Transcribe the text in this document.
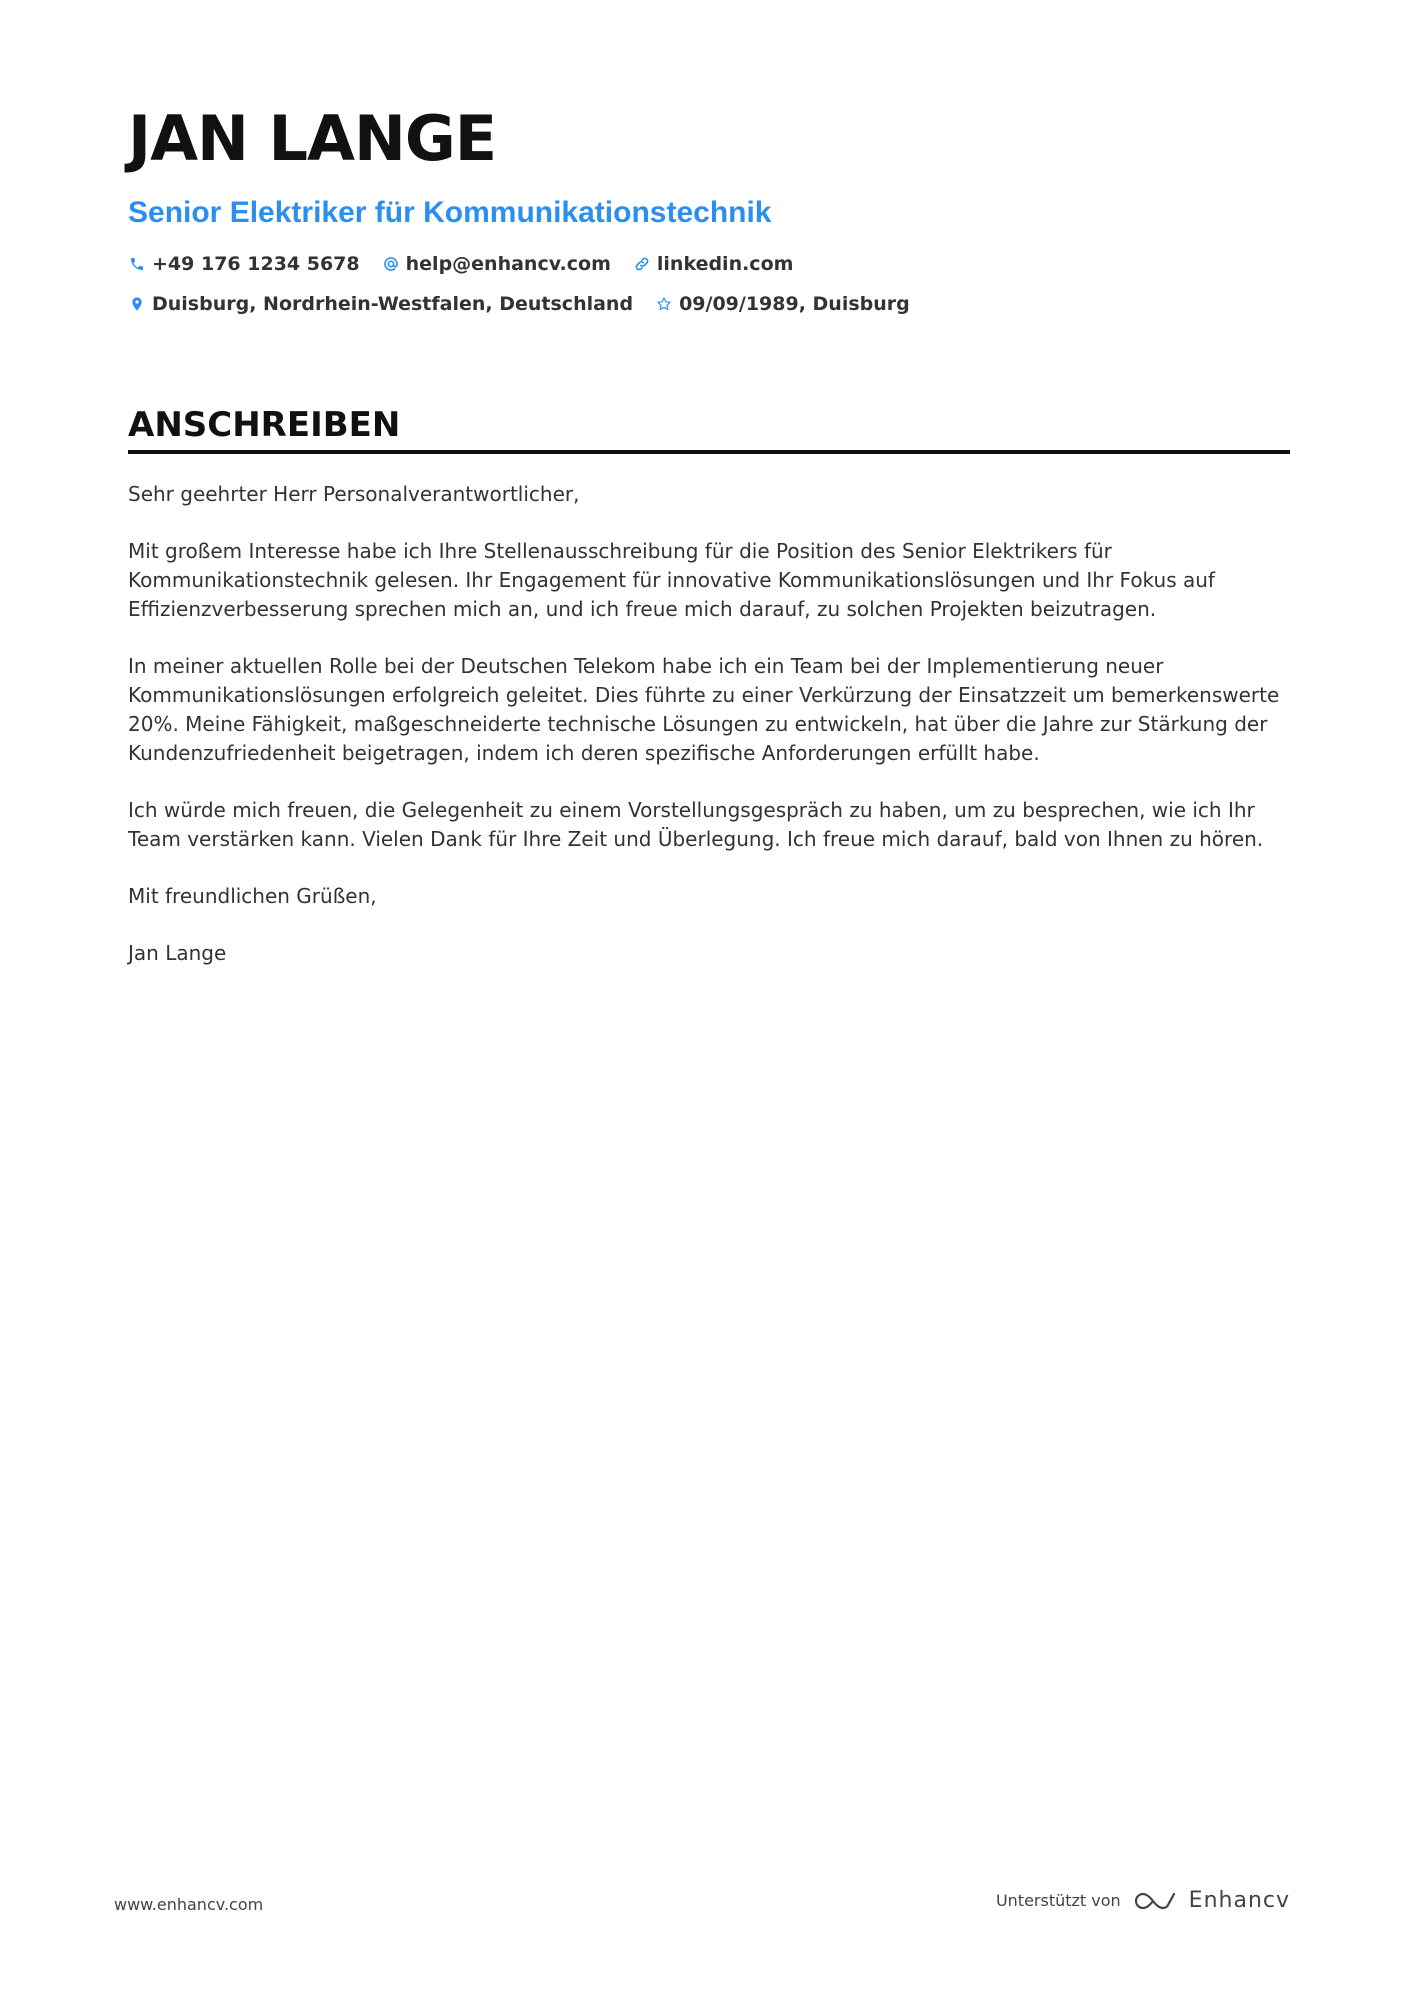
JAN LANGE
Senior Elektriker für Kommunikationstechnik
+49 176 1234 5678 help@enhancv.com linkedin.com
Duisburg, Nordrhein-Westfalen, Deutschland 09/09/1989, Duisburg
ANSCHREIBEN

Sehr geehrter Herr Personalverantwortlicher,

Mit großem Interesse habe ich Ihre Stellenausschreibung für die Position des Senior Elektrikers für Kommunikationstechnik gelesen. Ihr Engagement für innovative Kommunikationslösungen und Ihr Fokus auf Effizienzverbesserung sprechen mich an, und ich freue mich darauf, zu solchen Projekten beizutragen.

In meiner aktuellen Rolle bei der Deutschen Telekom habe ich ein Team bei der Implementierung neuer Kommunikationslösungen erfolgreich geleitet. Dies führte zu einer Verkürzung der Einsatzzeit um bemerkenswerte 20%. Meine Fähigkeit, maßgeschneiderte technische Lösungen zu entwickeln, hat über die Jahre zur Stärkung der Kundenzufriedenheit beigetragen, indem ich deren spezifische Anforderungen erfüllt habe.

Ich würde mich freuen, die Gelegenheit zu einem Vorstellungsgespräch zu haben, um zu besprechen, wie ich Ihr Team verstärken kann. Vielen Dank für Ihre Zeit und Überlegung. Ich freue mich darauf, bald von Ihnen zu hören.

Mit freundlichen Grüßen,

Jan Lange

www.enhancv.com	Unterstützt von	Enhancv
